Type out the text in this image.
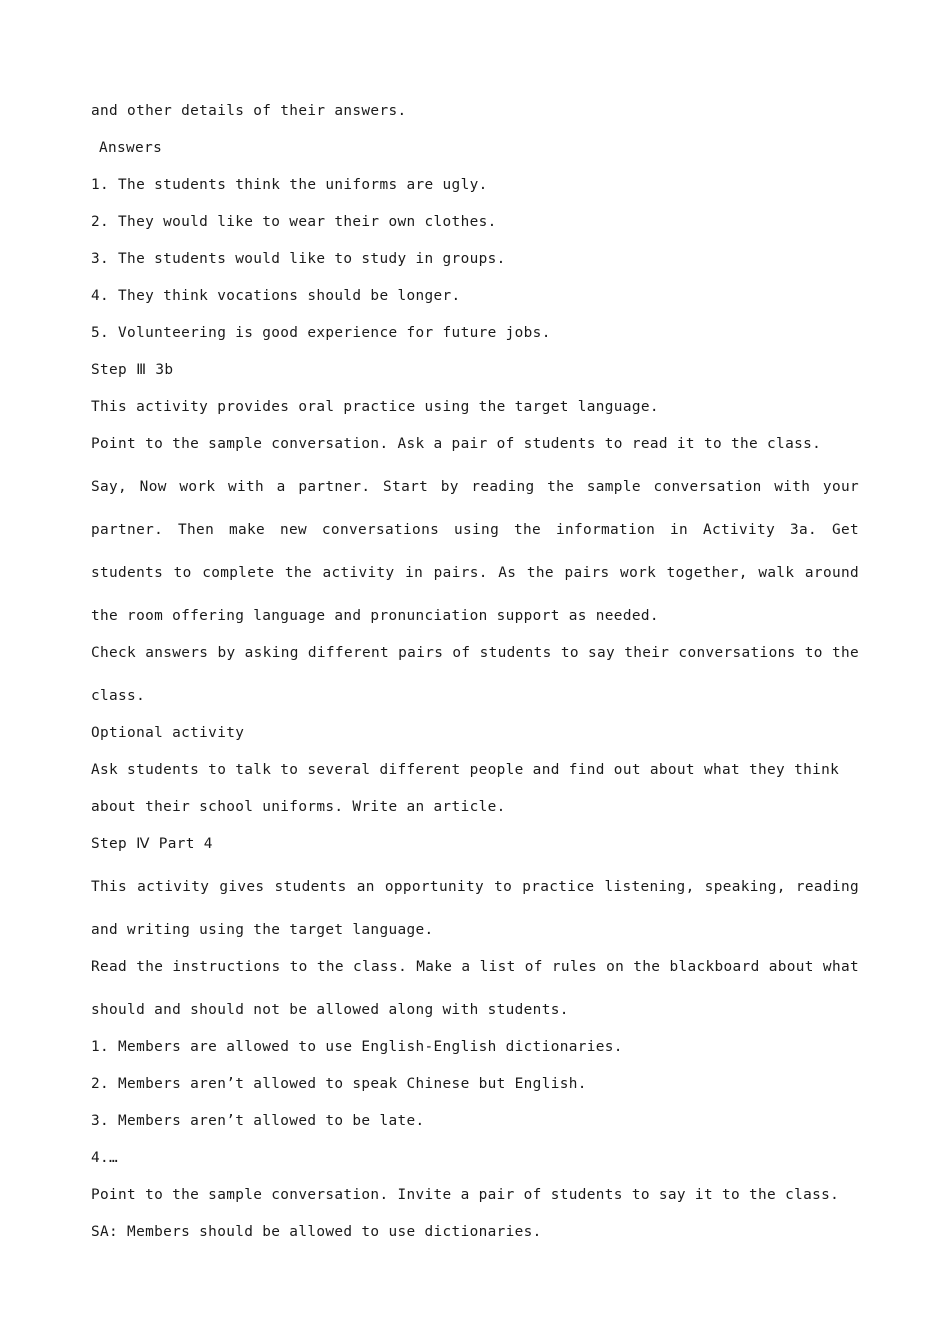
and other details of their answers.

Answers

1. The students think the uniforms are ugly.

2. They would like to wear their own clothes.

3. The students would like to study in groups.

4. They think vocations should be longer.

5. Volunteering is good experience for future jobs.

Step Ⅲ 3b

This activity provides oral practice using the target language.

Point to the sample conversation. Ask a pair of students to read it to the class.

Say, Now work with a partner. Start by reading the sample conversation with your partner. Then make new conversations using the information in Activity 3a. Get students to complete the activity in pairs. As the pairs work together, walk around the room offering language and pronunciation support as needed.

Check answers by asking different pairs of students to say their conversations to the class.

Optional activity

Ask students to talk to several different people and find out about what they think

about their school uniforms. Write an article.

Step Ⅳ Part 4

This activity gives students an opportunity to practice listening, speaking, reading and writing using the target language.

Read the instructions to the class. Make a list of rules on the blackboard about what should and should not be allowed along with students.

1. Members are allowed to use English-English dictionaries.

2. Members aren’t allowed to speak Chinese but English.

3. Members aren’t allowed to be late.

4.…

Point to the sample conversation. Invite a pair of students to say it to the class.

SA: Members should be allowed to use dictionaries.
